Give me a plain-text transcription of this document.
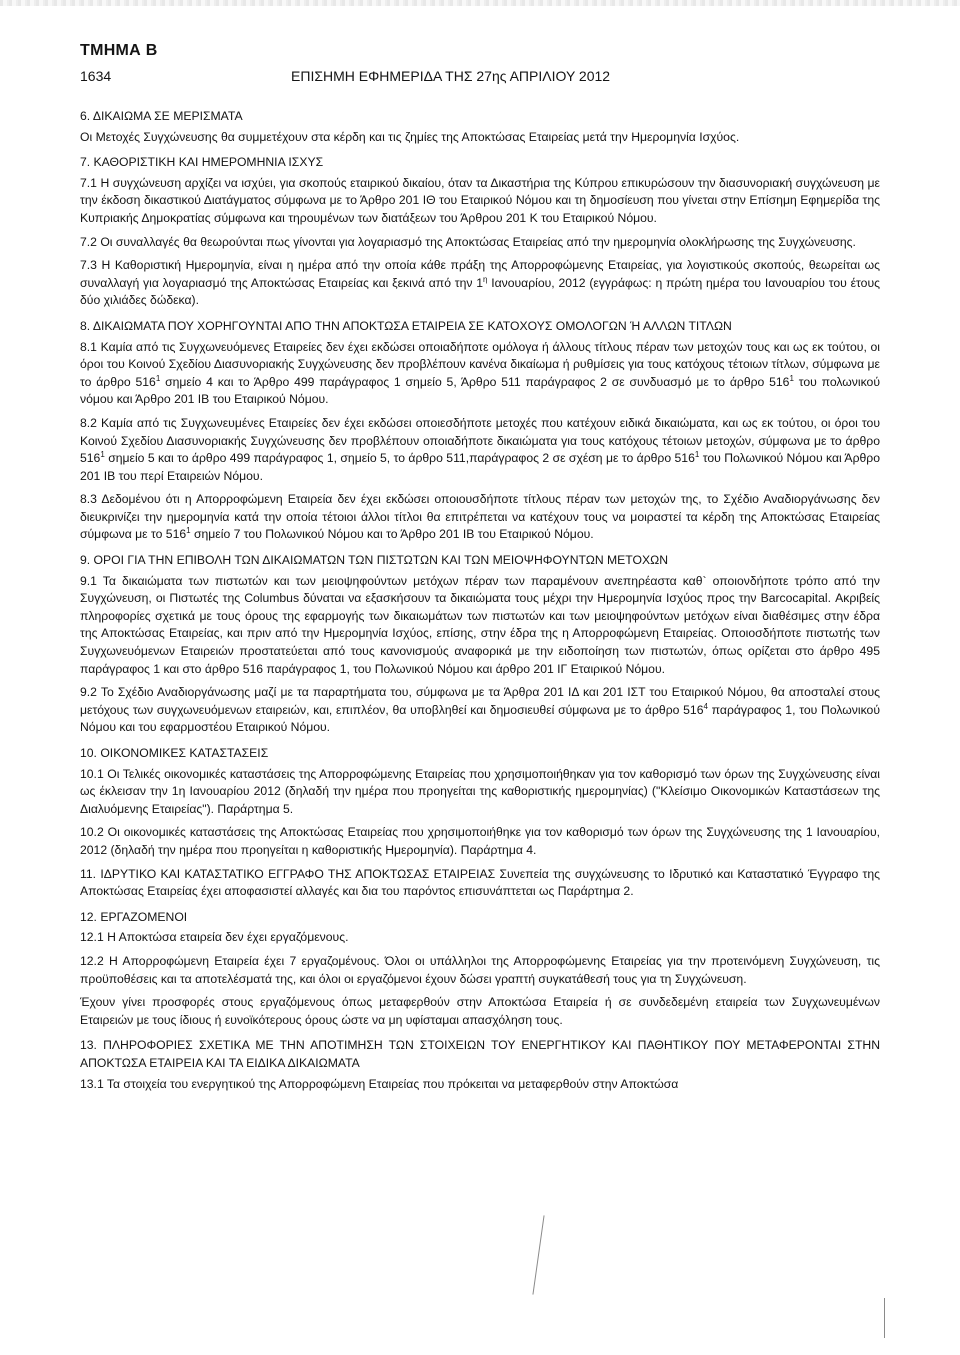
ΤΜΗΜΑ Β
1634	ΕΠΙΣΗΜΗ ΕΦΗΜΕΡΙΔΑ ΤΗΣ 27ης ΑΠΡΙΛΙΟΥ 2012

6. ΔΙΚΑΙΩΜΑ ΣΕ ΜΕΡΙΣΜΑΤΑ

Οι Μετοχές Συγχώνευσης θα συμμετέχουν στα κέρδη και τις ζημίες της Αποκτώσας Εταιρείας μετά την Ημερομηνία Ισχύος.

7. ΚΑΘΟΡΙΣΤΙΚΗ ΚΑΙ ΗΜΕΡΟΜΗΝΙΑ ΙΣΧΥΣ

7.1 Η συγχώνευση αρχίζει να ισχύει, για σκοπούς εταιρικού δικαίου, όταν τα Δικαστήρια της Κύπρου επικυρώσουν την διασυνοριακή συγχώνευση με την έκδοση δικαστικού Διατάγματος σύμφωνα με το Άρθρο 201 ΙΘ του Εταιρικού Νόμου και τη δημοσίευση που γίνεται στην Επίσημη Εφημερίδα της Κυπριακής Δημοκρατίας σύμφωνα και τηρουμένων των διατάξεων του Άρθρου 201 Κ του Εταιρικού Νόμου.

7.2 Οι συναλλαγές θα θεωρούνται πως γίνονται για λογαριασμό της Αποκτώσας Εταιρείας από την ημερομηνία ολοκλήρωσης της Συγχώνευσης.

7.3 Η Καθοριστική Ημερομηνία, είναι η ημέρα από την οποία κάθε πράξη της Απορροφώμενης Εταιρείας, για λογιστικούς σκοπούς, θεωρείται ως συναλλαγή για λογαριασμό της Αποκτώσας Εταιρείας και ξεκινά από την $1^\eta$ Ιανουαρίου, 2012 (εγγράφως: η πρώτη ημέρα του Ιανουαρίου του έτους δύο χιλιάδες δώδεκα).

8. ΔΙΚΑΙΩΜΑΤΑ ΠΟΥ ΧΟΡΗΓΟΥΝΤΑΙ ΑΠΟ ΤΗΝ ΑΠΟΚΤΩΣΑ ΕΤΑΙΡΕΙΑ ΣΕ ΚΑΤΟΧΟΥΣ ΟΜΟΛΟΓΩΝ Ή ΑΛΛΩΝ ΤΙΤΛΩΝ

8.1 Καμία από τις Συγχωνευόμενες Εταιρείες δεν έχει εκδώσει οποιαδήποτε ομόλογα ή άλλους τίτλους πέραν των μετοχών τους και ως εκ τούτου, οι όροι του Κοινού Σχεδίου Διασυνοριακής Συγχώνευσης δεν προβλέπουν κανένα δικαίωμα ή ρυθμίσεις για τους κατόχους τέτοιων τίτλων, σύμφωνα με το άρθρο $516^1$ σημείο 4 και το Άρθρο 499 παράγραφος 1 σημείο 5, Άρθρο 511 παράγραφος 2 σε συνδυασμό με το άρθρο $516^1$ του πολωνικού νόμου και Άρθρο 201 ΙΒ του Εταιρικού Νόμου.

8.2 Καμία από τις Συγχωνευμένες Εταιρείες δεν έχει εκδώσει οποιεσδήποτε μετοχές που κατέχουν ειδικά δικαιώματα, και ως εκ τούτου, οι όροι του Κοινού Σχεδίου Διασυνοριακής Συγχώνευσης δεν προβλέπουν οποιαδήποτε δικαιώματα για τους κατόχους τέτοιων μετοχών, σύμφωνα με το άρθρο $516^1$ σημείο 5 και το άρθρο 499 παράγραφος 1, σημείο 5, το άρθρο 511,παράγραφος 2 σε σχέση με το άρθρο $516^1$ του Πολωνικού Νόμου και Άρθρο 201 ΙΒ του περί Εταιρειών Νόμου.

8.3 Δεδομένου ότι η Απορροφώμενη Εταιρεία δεν έχει εκδώσει οποιουσδήποτε τίτλους πέραν των μετοχών της, το Σχέδιο Αναδιοργάνωσης δεν διευκρινίζει την ημερομηνία κατά την οποία τέτοιοι άλλοι τίτλοι θα επιτρέπεται να κατέχουν τους να μοιραστεί τα κέρδη της Αποκτώσας Εταιρείας σύμφωνα με το $516^1$ σημείο 7 του Πολωνικού Νόμου και το Άρθρο 201 ΙΒ του Εταιρικού Νόμου.

9. ΟΡΟΙ ΓΙΑ ΤΗΝ ΕΠΙΒΟΛΗ ΤΩΝ ΔΙΚΑΙΩΜΑΤΩΝ ΤΩΝ ΠΙΣΤΩΤΩΝ ΚΑΙ ΤΩΝ ΜΕΙΟΨΗΦΟΥΝΤΩΝ ΜΕΤΟΧΩΝ

9.1 Τα δικαιώματα των πιστωτών και των μειοψηφούντων μετόχων πέραν των παραμένουν ανεπηρέαστα καθ` οποιονδήποτε τρόπο από την Συγχώνευση, οι Πιστωτές της Columbus δύναται να εξασκήσουν τα δικαιώματα τους μέχρι την Ημερομηνία Ισχύος προς την Barcocapital. Ακριβείς πληροφορίες σχετικά με τους όρους της εφαρμογής των δικαιωμάτων των πιστωτών και των μειοψηφούντων μετόχων είναι διαθέσιμες στην έδρα της Αποκτώσας Εταιρείας, και πριν από την Ημερομηνία Ισχύος, επίσης, στην έδρα της η Απορροφώμενη Εταιρείας. Οποιοσδήποτε πιστωτής των Συγχωνευόμενων Εταιρειών προστατεύεται από τους κανονισμούς αναφορικά με την ειδοποίηση των πιστωτών, όπως ορίζεται στο άρθρο 495 παράγραφος 1 και στο άρθρο 516 παράγραφος 1, του Πολωνικού Νόμου και άρθρο 201 ΙΓ Εταιρικού Νόμου.

9.2 Το Σχέδιο Αναδιοργάνωσης μαζί με τα παραρτήματα του, σύμφωνα με τα Άρθρα 201 ΙΔ και 201 ΙΣΤ του Εταιρικού Νόμου, θα αποσταλεί στους μετόχους των συγχωνευόμενων εταιρειών, και, επιπλέον, θα υποβληθεί και δημοσιευθεί σύμφωνα με το άρθρο $516^4$ παράγραφος 1, του Πολωνικού Νόμου και του εφαρμοστέου Εταιρικού Νόμου.

10. ΟΙΚΟΝΟΜΙΚΕΣ ΚΑΤΑΣΤΑΣΕΙΣ

10.1 Οι Τελικές οικονομικές καταστάσεις της Απορροφώμενης Εταιρείας που χρησιμοποιήθηκαν για τον καθορισμό των όρων της Συγχώνευσης είναι ως έκλεισαν την 1η Ιανουαρίου 2012 (δηλαδή την ημέρα που προηγείται της καθοριστικής ημερομηνίας) ("Κλείσιμο Οικονομικών Καταστάσεων της Διαλυόμενης Εταιρείας"). Παράρτημα 5.

10.2 Οι οικονομικές καταστάσεις της Αποκτώσας Εταιρείας που χρησιμοποιήθηκε για τον καθορισμό των όρων της Συγχώνευσης της 1 Ιανουαρίου, 2012 (δηλαδή την ημέρα που προηγείται η καθοριστικής Ημερομηνία). Παράρτημα 4.

11. ΙΔΡΥΤΙΚΟ ΚΑΙ ΚΑΤΑΣΤΑΤΙΚΟ ΕΓΓΡΑΦΟ ΤΗΣ ΑΠΟΚΤΩΣΑΣ ΕΤΑΙΡΕΙΑΣ Συνεπεία της συγχώνευσης το Ιδρυτικό και Καταστατικό Έγγραφο της Αποκτώσας Εταιρείας έχει αποφασιστεί αλλαγές και δια του παρόντος επισυνάπτεται ως Παράρτημα 2.

12. ΕΡΓΑΖΟΜΕΝΟΙ

12.1 Η Αποκτώσα εταιρεία δεν έχει εργαζόμενους.

12.2 Η Απορροφώμενη Εταιρεία έχει 7 εργαζομένους. Όλοι οι υπάλληλοι της Απορροφώμενης Εταιρείας για την προτεινόμενη Συγχώνευση, τις προϋποθέσεις και τα αποτελέσματά της, και όλοι οι εργαζόμενοι έχουν δώσει γραπτή συγκατάθεσή τους για τη Συγχώνευση.

Έχουν γίνει προσφορές στους εργαζόμενους όπως μεταφερθούν στην Αποκτώσα Εταιρεία ή σε συνδεδεμένη εταιρεία των Συγχωνευμένων Εταιρειών με τους ίδιους ή ευνοϊκότερους όρους ώστε να μη υφίσταμαι απασχόληση τους.

13. ΠΛΗΡΟΦΟΡΙΕΣ ΣΧΕΤΙΚΑ ΜΕ ΤΗΝ ΑΠΟΤΙΜΗΣΗ ΤΩΝ ΣΤΟΙΧΕΙΩΝ ΤΟΥ ΕΝΕΡΓΗΤΙΚΟΥ ΚΑΙ ΠΑΘΗΤΙΚΟΥ ΠΟΥ ΜΕΤΑΦΕΡΟΝΤΑΙ ΣΤΗΝ ΑΠΟΚΤΩΣΑ ΕΤΑΙΡΕΙΑ ΚΑΙ ΤΑ ΕΙΔΙΚΑ ΔΙΚΑΙΩΜΑΤΑ

13.1 Τα στοιχεία του ενεργητικού της Απορροφώμενη Εταιρείας που πρόκειται να μεταφερθούν στην Αποκτώσα
